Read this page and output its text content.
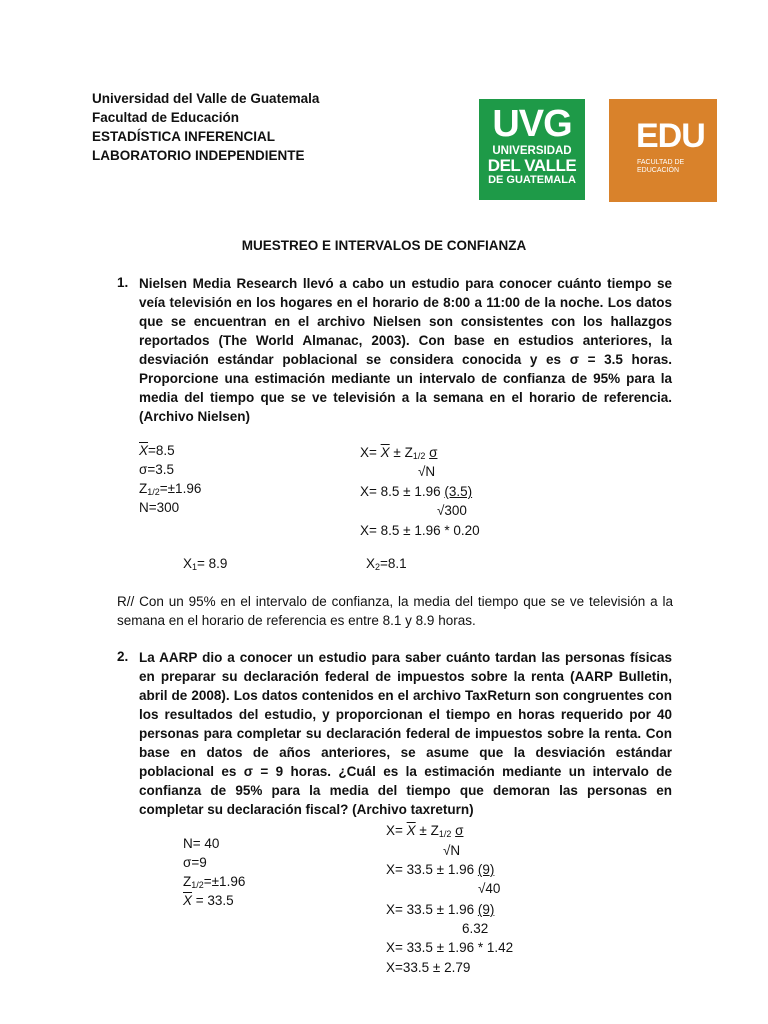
Universidad del Valle de Guatemala
Facultad de Educación
ESTADÍSTICA INFERENCIAL
LABORATORIO INDEPENDIENTE
UVG
UNIVERSIDAD
DEL VALLE
DE GUATEMALA
EDU
FACULTAD DE
EDUCACIÓN
MUESTREO E INTERVALOS DE CONFIANZA
1. Nielsen Media Research llevó a cabo un estudio para conocer cuánto tiempo se veía televisión en los hogares en el horario de 8:00 a 11:00 de la noche. Los datos que se encuentran en el archivo Nielsen son consistentes con los hallazgos reportados (The World Almanac, 2003). Con base en estudios anteriores, la desviación estándar poblacional se considera conocida y es σ = 3.5 horas. Proporcione una estimación mediante un intervalo de confianza de 95% para la media del tiempo que se ve televisión a la semana en el horario de referencia. (Archivo Nielsen)

$\overline{X}=8.5$
σ=3.5
$Z_{1/2}=\pm 1.96$
N=300
$X= \overline{X} \pm Z_{1/2}$ σ
√N
X= 8.5 ± 1.96 (3.5)
√300
X= 8.5 ± 1.96 * 0.20
$X_1= 8.9$	$X_2=8.1$

R// Con un 95% en el intervalo de confianza, la media del tiempo que se ve televisión a la semana en el horario de referencia es entre 8.1 y 8.9 horas.

2. La AARP dio a conocer un estudio para saber cuánto tardan las personas físicas en preparar su declaración federal de impuestos sobre la renta (AARP Bulletin, abril de 2008). Los datos contenidos en el archivo TaxReturn son congruentes con los resultados del estudio, y proporcionan el tiempo en horas requerido por 40 personas para completar su declaración federal de impuestos sobre la renta. Con base en datos de años anteriores, se asume que la desviación estándar poblacional es σ = 9 horas. ¿Cuál es la estimación mediante un intervalo de confianza de 95% para la media del tiempo que demoran las personas en completar su declaración fiscal? (Archivo taxreturn)

N= 40
σ=9
$Z_{1/2}=\pm 1.96$
$\overline{X} = 33.5$
$X= \overline{X} \pm Z_{1/2}$ σ
√N
X= 33.5 ± 1.96 (9)
√40
X= 33.5 ± 1.96 (9)
6.32
X= 33.5 ± 1.96 * 1.42
X=33.5 ± 2.79
